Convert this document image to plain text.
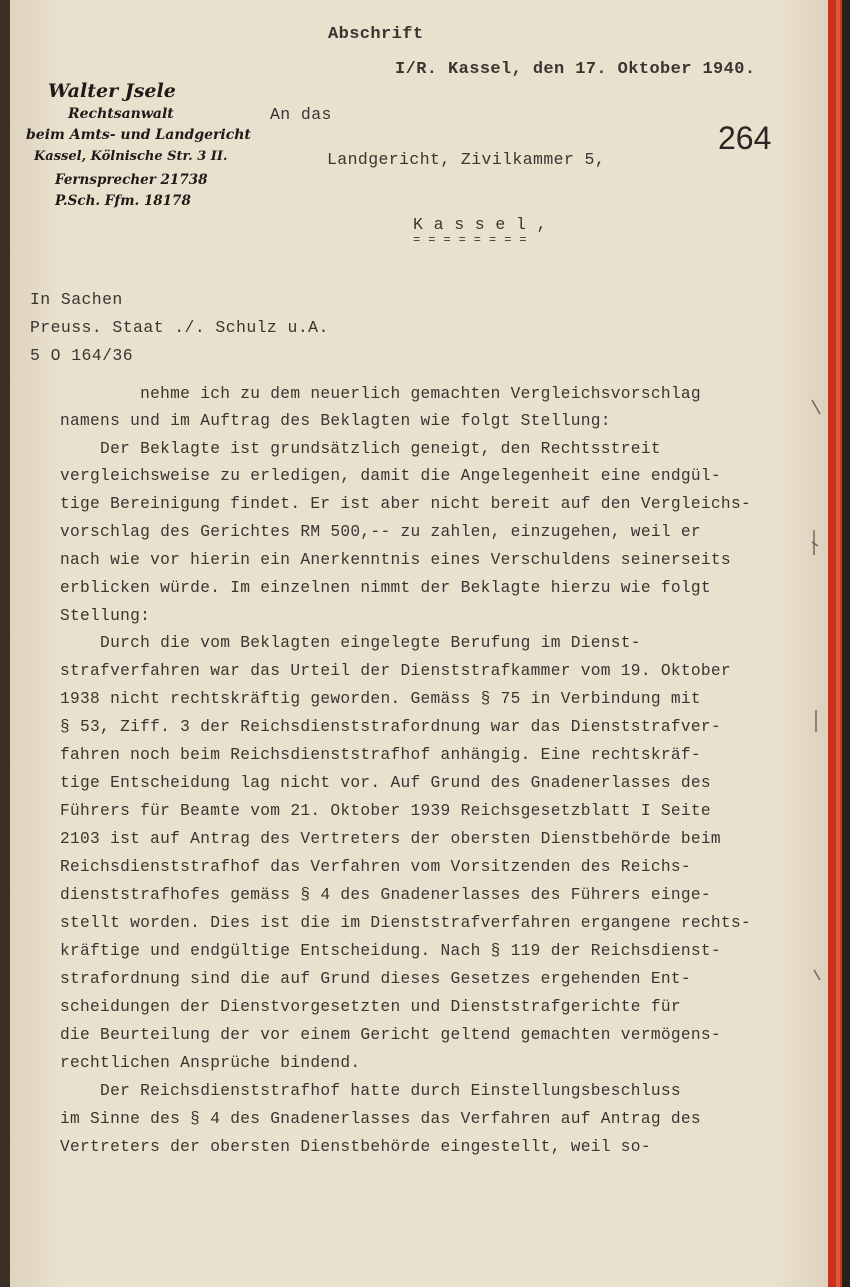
Abschrift
I/R. Kassel, den 17. Oktober 1940.
264
Walter Jsele
Rechtsanwalt
beim Amts- und Landgericht
Kassel, Kölnische Str. 3 II.
Fernsprecher 21738
P.Sch. Ffm. 18178
An das
Landgericht, Zivilkammer 5,
K a s s e l ,
= = = = = = = =
In Sachen
Preuss. Staat ./. Schulz u.A.
5 O 164/36
nehme ich zu dem neuerlich gemachten Vergleichsvorschlag
namens und im Auftrag des Beklagten wie folgt Stellung:
Der Beklagte ist grundsätzlich geneigt, den Rechtsstreit
vergleichsweise zu erledigen, damit die Angelegenheit eine endgül-
tige Bereinigung findet. Er ist aber nicht bereit auf den Vergleichs-
vorschlag des Gerichtes RM 500,-- zu zahlen, einzugehen, weil er
nach wie vor hierin ein Anerkenntnis eines Verschuldens seinerseits
erblicken würde. Im einzelnen nimmt der Beklagte hierzu wie folgt
Stellung:
Durch die vom Beklagten eingelegte Berufung im Dienst-
strafverfahren war das Urteil der Dienststrafkammer vom 19. Oktober
1938 nicht rechtskräftig geworden. Gemäss § 75 in Verbindung mit
§ 53, Ziff. 3 der Reichsdienststrafordnung war das Dienststrafver-
fahren noch beim Reichsdienststrafhof anhängig. Eine rechtskräf-
tige Entscheidung lag nicht vor. Auf Grund des Gnadenerlasses des
Führers für Beamte vom 21. Oktober 1939 Reichsgesetzblatt I Seite
2103 ist auf Antrag des Vertreters der obersten Dienstbehörde beim
Reichsdienststrafhof das Verfahren vom Vorsitzenden des Reichs-
dienststrafhofes gemäss § 4 des Gnadenerlasses des Führers einge-
stellt worden. Dies ist die im Dienststrafverfahren ergangene rechts-
kräftige und endgültige Entscheidung. Nach § 119 der Reichsdienst-
strafordnung sind die auf Grund dieses Gesetzes ergehenden Ent-
scheidungen der Dienstvorgesetzten und Dienststrafgerichte für
die Beurteilung der vor einem Gericht geltend gemachten vermögens-
rechtlichen Ansprüche bindend.
Der Reichsdienststrafhof hatte durch Einstellungsbeschluss
im Sinne des § 4 des Gnadenerlasses das Verfahren auf Antrag des
Vertreters der obersten Dienstbehörde eingestellt, weil so-
